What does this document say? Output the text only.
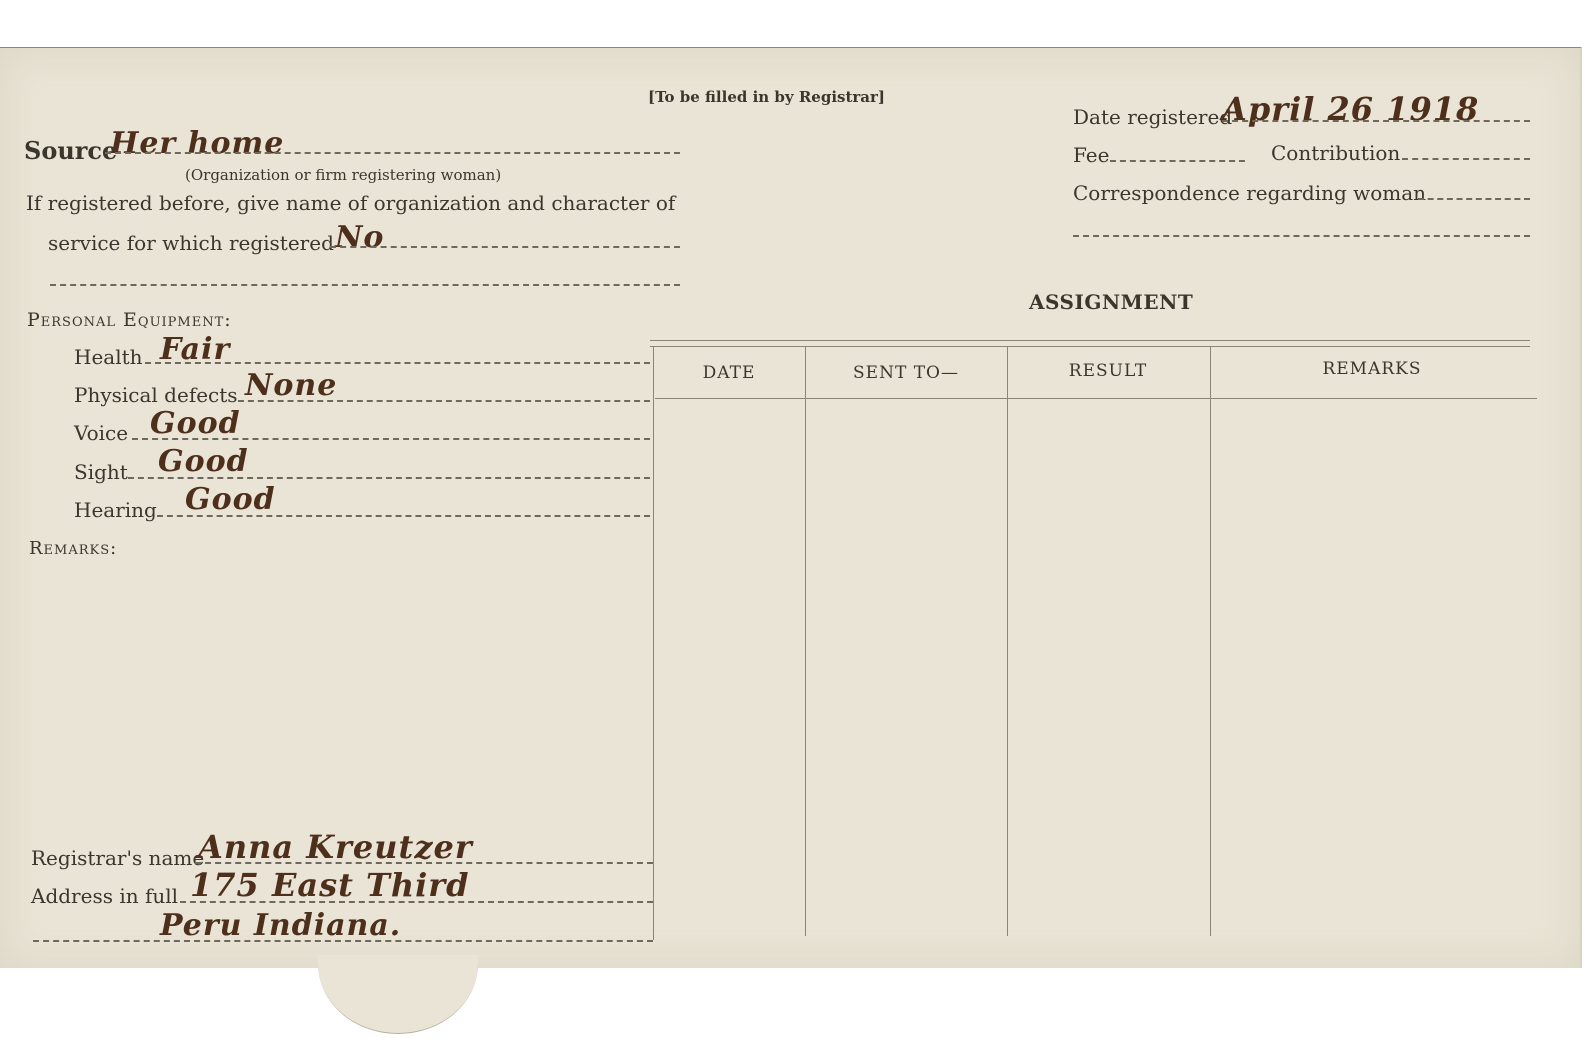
[To be filled in by Registrar]
Source
Her home
(Organization or firm registering woman)
If registered before, give name of organization and character of
service for which registered No
Date registered
April 26 1918
Fee	Contribution
Correspondence regarding woman
Personal Equipment:
Health Fair
Physical defects None
Voice Good
Sight Good
Hearing Good
Remarks:
Registrar's name
Anna Kreutzer
Address in full 175 East Third
Peru Indiana.
ASSIGNMENT
DATE	SENT TO—	RESULT	REMARKS
